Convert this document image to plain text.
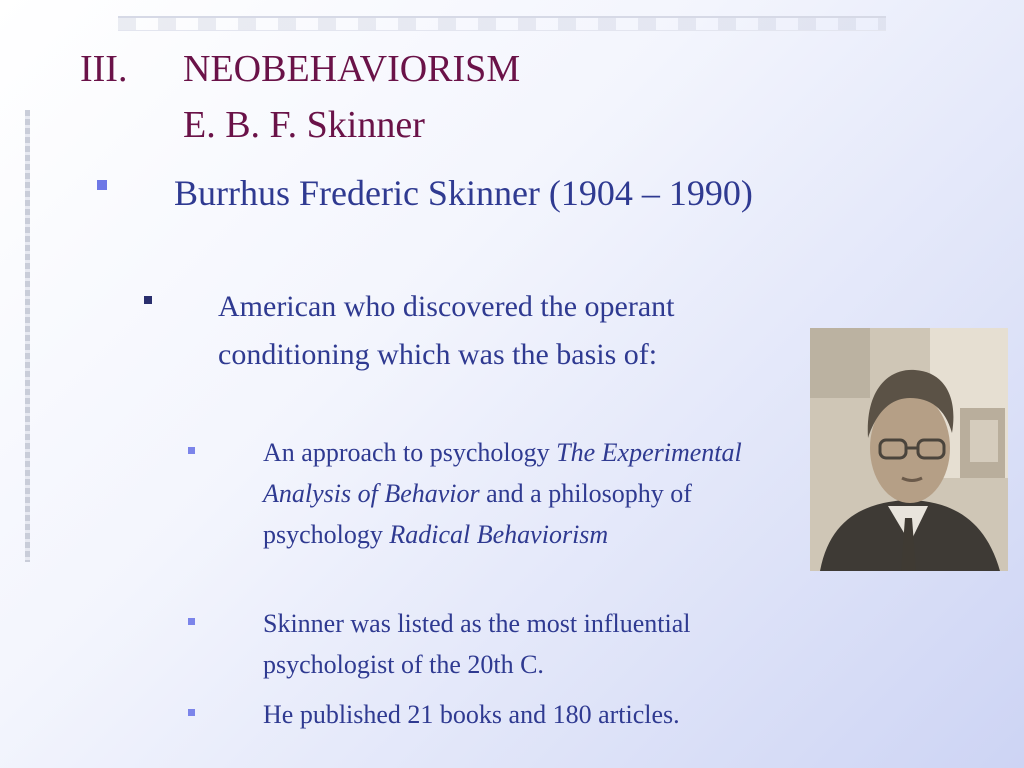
III. NEOBEHAVIORISM
E. B. F. Skinner
Burrhus Frederic Skinner (1904 – 1990)
American who discovered the operant conditioning which was the basis of:
An approach to psychology The Experimental Analysis of Behavior and a philosophy of psychology Radical Behaviorism
Skinner was listed as the most influential psychologist of the 20th C.
He published 21 books and 180 articles.
